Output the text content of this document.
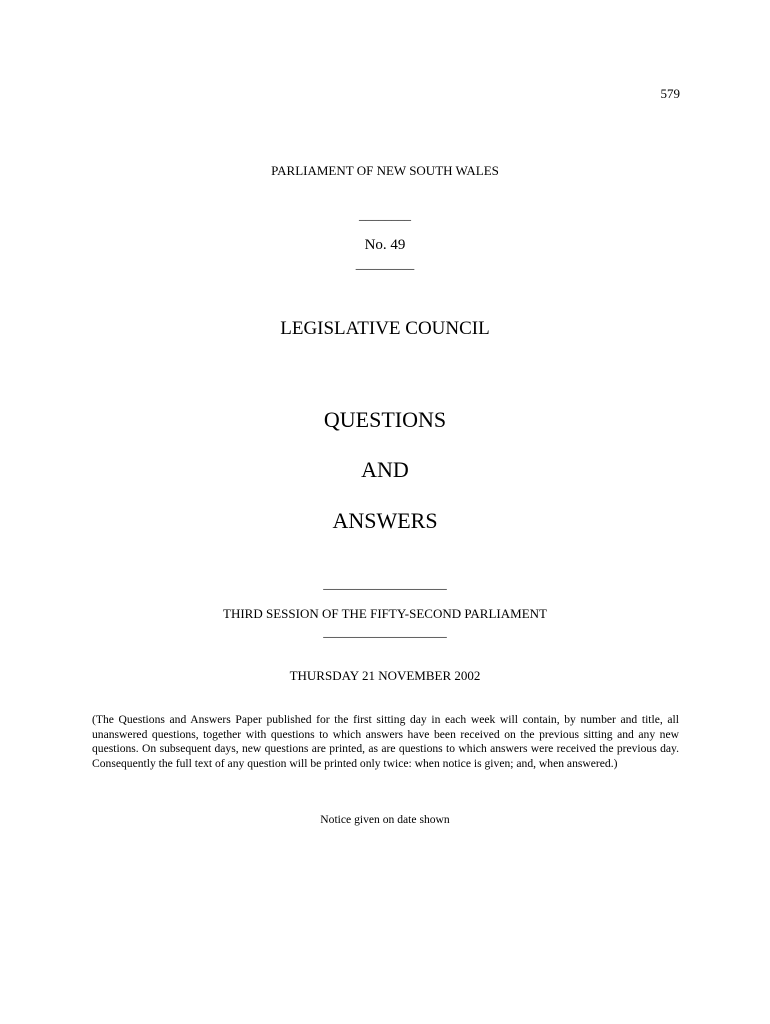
579
PARLIAMENT OF NEW SOUTH WALES
________
No. 49
_________
LEGISLATIVE COUNCIL
QUESTIONS
AND
ANSWERS
___________________
THIRD SESSION OF THE FIFTY-SECOND PARLIAMENT
___________________
THURSDAY 21 NOVEMBER 2002
(The Questions and Answers Paper published for the first sitting day in each week will contain, by number and title, all unanswered questions, together with questions to which answers have been received on the previous sitting and any new questions. On subsequent days, new questions are printed, as are questions to which answers were received the previous day. Consequently the full text of any question will be printed only twice: when notice is given; and, when answered.)
Notice given on date shown
